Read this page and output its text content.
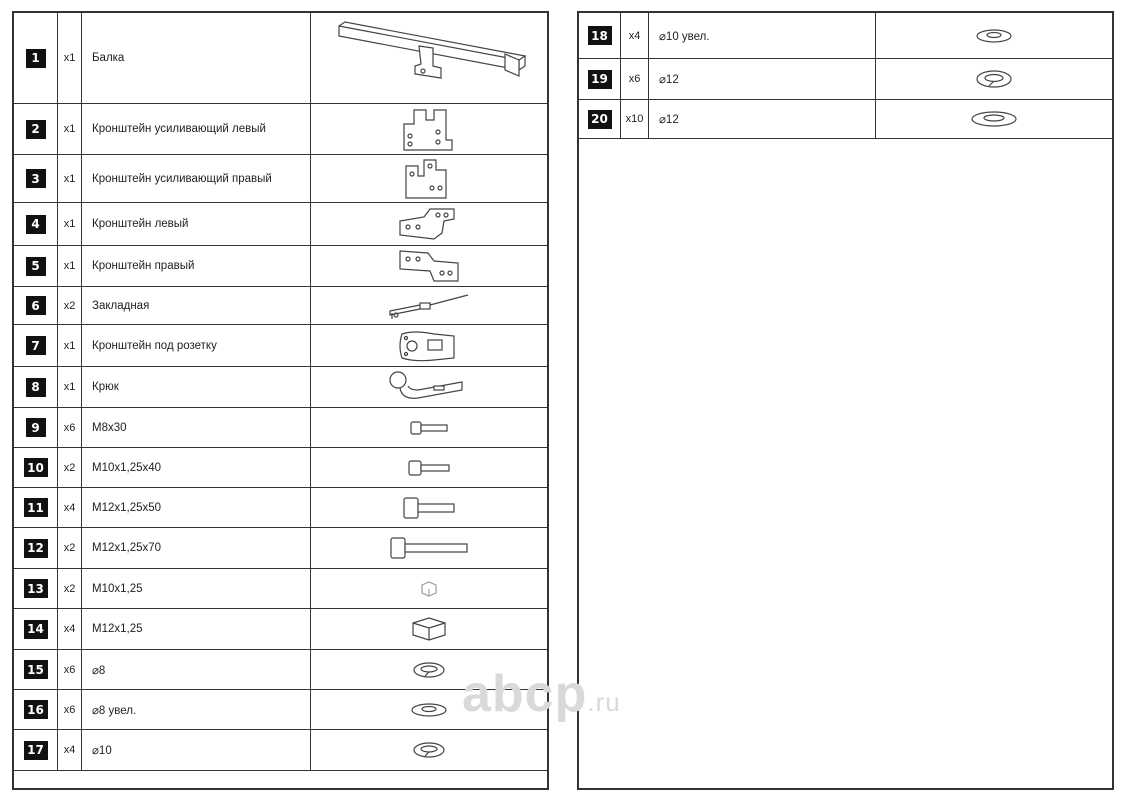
1	x1	Балка
2	x1	Кронштейн усиливающий левый
3	x1	Кронштейн усиливающий правый
4	x1	Кронштейн левый
5	x1	Кронштейн правый
6	x2	Закладная
7	x1	Кронштейн под розетку
8	x1	Крюк
9	x6	M8x30
10	x2	M10x1,25x40
11	x4	M12x1,25x50
12	x2	M12x1,25x70
13	x2	M10x1,25
14	x4	M12x1,25
15	x6	⌀8
16	x6	⌀8 увел.
17	x4	⌀10
18	x4	⌀10 увел.
19	x6	⌀12
20	x10	⌀12
abcp.ru
